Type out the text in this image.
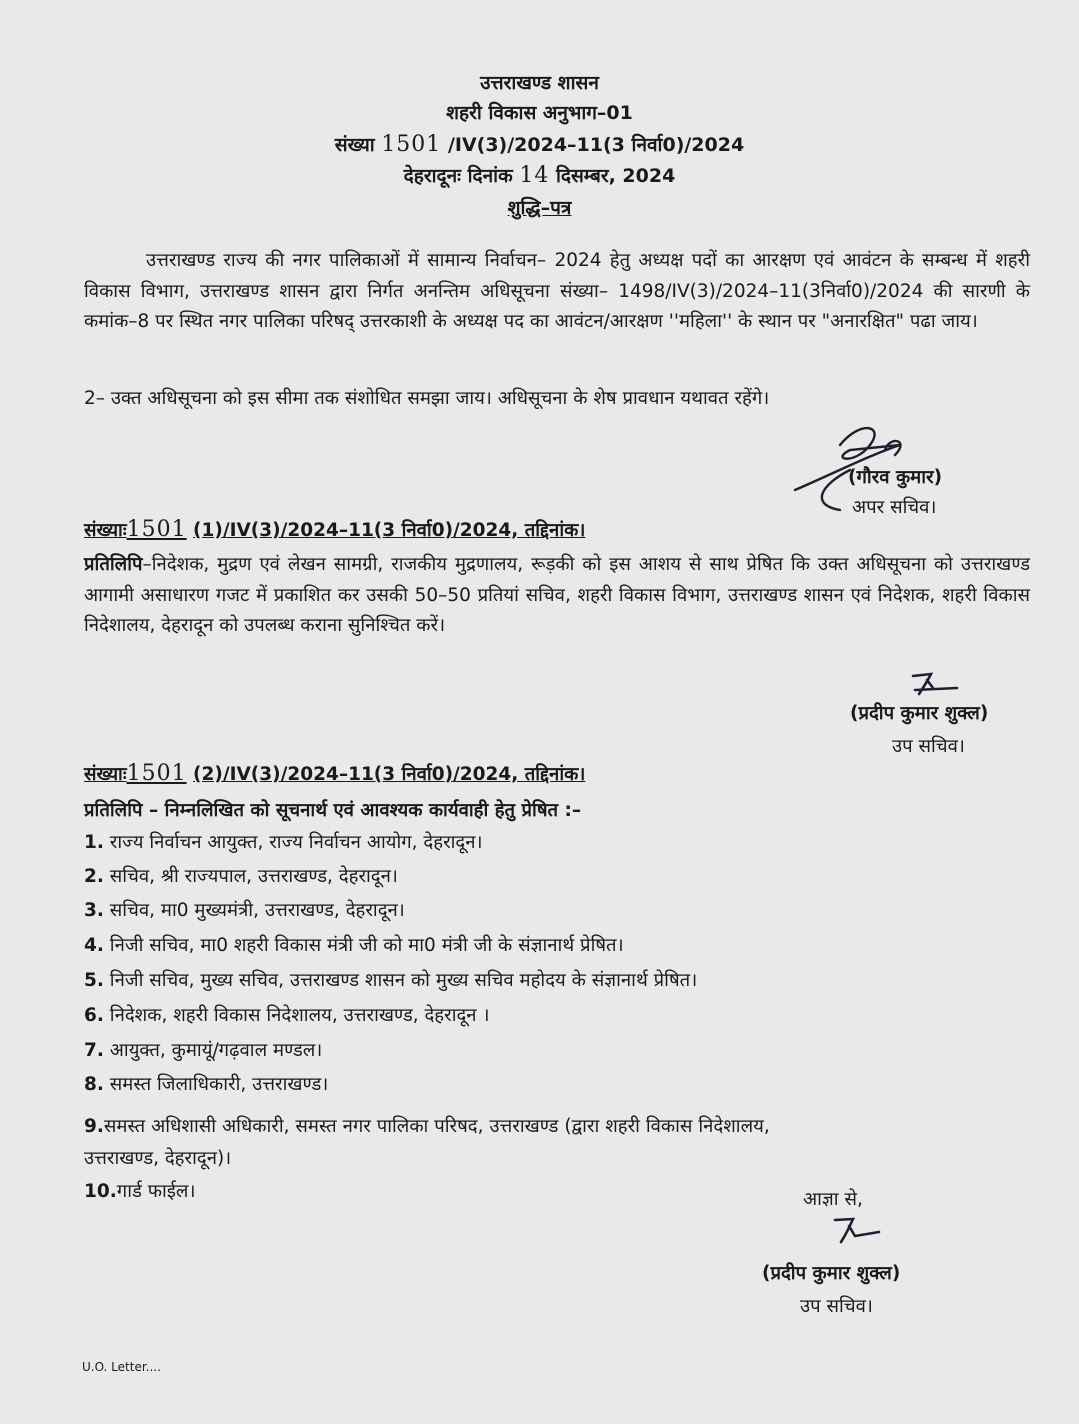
उत्तराखण्ड शासन
शहरी विकास अनुभाग–01
संख्या 1501 /IV(3)/2024–11(3 निर्वा0)/2024
देहरादूनः दिनांक 14 दिसम्बर, 2024
शुद्धि–पत्र
उत्तराखण्ड राज्य की नगर पालिकाओं में सामान्य निर्वाचन– 2024 हेतु अध्यक्ष पदों का आरक्षण एवं आवंटन के सम्बन्ध में शहरी विकास विभाग, उत्तराखण्ड शासन द्वारा निर्गत अनन्तिम अधिसूचना संख्या– 1498/IV(3)/2024–11(3निर्वा0)/2024 की सारणी के कमांक–8 पर स्थित नगर पालिका परिषद् उत्तरकाशी के अध्यक्ष पद का आवंटन/आरक्षण ''महिला'' के स्थान पर "अनारक्षित" पढा जाय।
2– उक्त अधिसूचना को इस सीमा तक संशोधित समझा जाय। अधिसूचना के शेष प्रावधान यथावत रहेंगे।
(गौरव कुमार)
अपर सचिव।
संख्याः1501 (1)/IV(3)/2024–11(3 निर्वा0)/2024, तद्दिनांक।
प्रतिलिपि–निदेशक, मुद्रण एवं लेखन सामग्री, राजकीय मुद्रणालय, रूड़की को इस आशय से साथ प्रेषित कि उक्त अधिसूचना को उत्तराखण्ड आगामी असाधारण गजट में प्रकाशित कर उसकी 50–50 प्रतियां सचिव, शहरी विकास विभाग, उत्तराखण्ड शासन एवं निदेशक, शहरी विकास निदेशालय, देहरादून को उपलब्ध कराना सुनिश्चित करें।
(प्रदीप कुमार शुक्ल)
उप सचिव।
संख्याः1501 (2)/IV(3)/2024–11(3 निर्वा0)/2024, तद्दिनांक।
प्रतिलिपि – निम्नलिखित को सूचनार्थ एवं आवश्यक कार्यवाही हेतु प्रेषित :–
1. राज्य निर्वाचन आयुक्त, राज्य निर्वाचन आयोग, देहरादून।
2. सचिव, श्री राज्यपाल, उत्तराखण्ड, देहरादून।
3. सचिव, मा0 मुख्यमंत्री, उत्तराखण्ड, देहरादून।
4. निजी सचिव, मा0 शहरी विकास मंत्री जी को मा0 मंत्री जी के संज्ञानार्थ प्रेषित।
5. निजी सचिव, मुख्य सचिव, उत्तराखण्ड शासन को मुख्य सचिव महोदय के संज्ञानार्थ प्रेषित।
6. निदेशक, शहरी विकास निदेशालय, उत्तराखण्ड, देहरादून ।
7. आयुक्त, कुमायूं/गढ़वाल मण्डल।
8. समस्त जिलाधिकारी, उत्तराखण्ड।
9.समस्त अधिशासी अधिकारी, समस्त नगर पालिका परिषद, उत्तराखण्ड (द्वारा शहरी विकास निदेशालय,
उत्तराखण्ड, देहरादून)।
10.गार्ड फाईल।	आज्ञा से,
(प्रदीप कुमार शुक्ल)
उप सचिव।
U.O. Letter....
